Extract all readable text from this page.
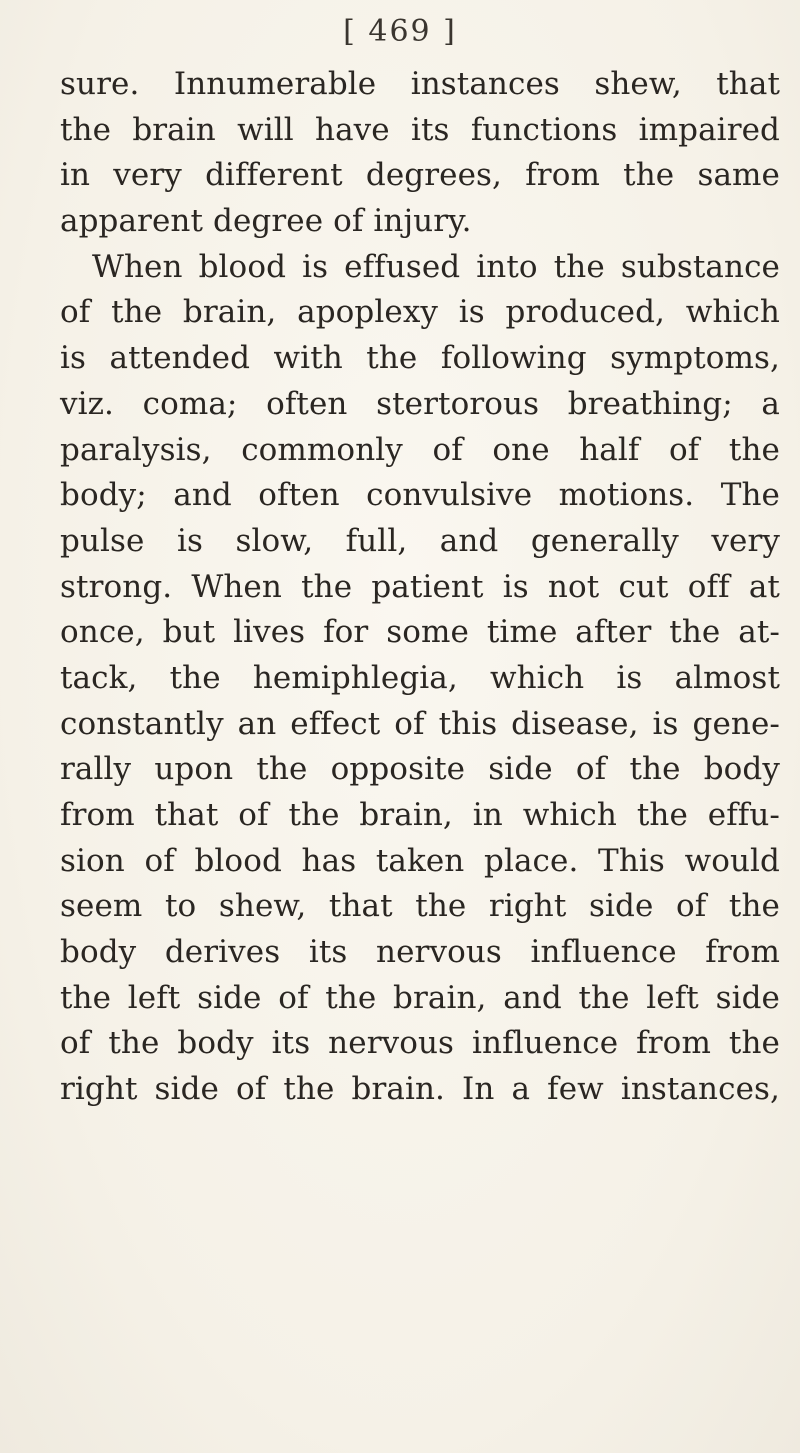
[ 469 ]
sure. Innumerable instances shew, that
the brain will have its functions impaired
in very different degrees, from the same
apparent degree of injury.
When blood is effused into the substance
of the brain, apoplexy is produced, which
is attended with the following symptoms,
viz. coma; often stertorous breathing; a
paralysis, commonly of one half of the
body; and often convulsive motions. The
pulse is slow, full, and generally very
strong. When the patient is not cut off at
once, but lives for some time after the at-
tack, the hemiphlegia, which is almost
constantly an effect of this disease, is gene-
rally upon the opposite side of the body
from that of the brain, in which the effu-
sion of blood has taken place. This would
seem to shew, that the right side of the
body derives its nervous influence from
the left side of the brain, and the left side
of the body its nervous influence from the
right side of the brain. In a few instances,
